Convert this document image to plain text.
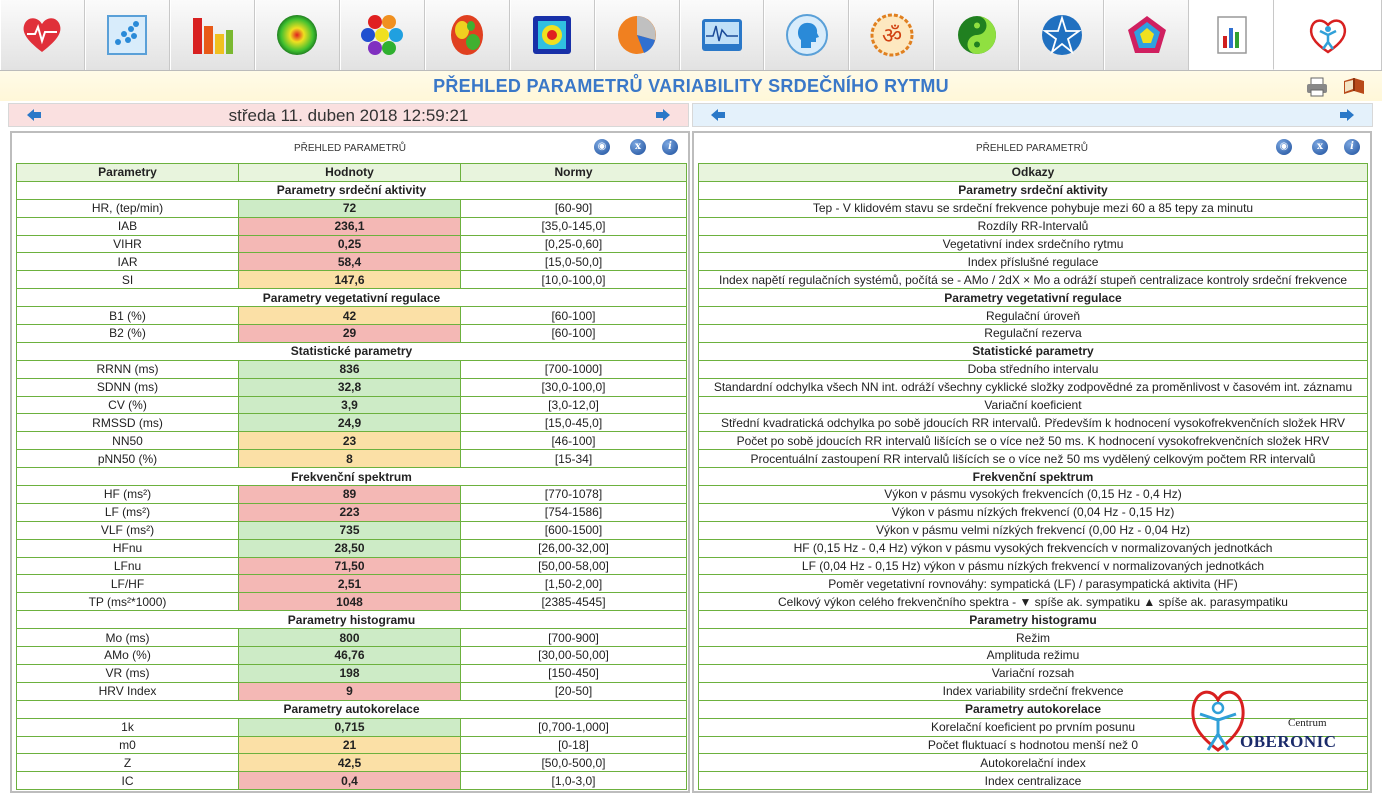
ॐ
PŘEHLED PARAMETRŮ VARIABILITY SRDEČNÍHO RYTMU
středa 11. duben 2018 12:59:21
PŘEHLED PARAMETRŮ	◉	x	i
Parametry	Hodnoty	Normy
Parametry srdeční aktivity		
HR, (tep/min)	72	[60-90]
IAB	236,1	[35,0-145,0]
VIHR	0,25	[0,25-0,60]
IAR	58,4	[15,0-50,0]
SI	147,6	[10,0-100,0]
Parametry vegetativní regulace		
B1 (%)	42	[60-100]
B2 (%)	29	[60-100]
Statistické parametry		
RRNN (ms)	836	[700-1000]
SDNN (ms)	32,8	[30,0-100,0]
CV (%)	3,9	[3,0-12,0]
RMSSD (ms)	24,9	[15,0-45,0]
NN50	23	[46-100]
pNN50 (%)	8	[15-34]
Frekvenční spektrum		
HF (ms²)	89	[770-1078]
LF (ms²)	223	[754-1586]
VLF (ms²)	735	[600-1500]
HFnu	28,50	[26,00-32,00]
LFnu	71,50	[50,00-58,00]
LF/HF	2,51	[1,50-2,00]
TP (ms²*1000)	1048	[2385-4545]
Parametry histogramu		
Mo (ms)	800	[700-900]
AMo (%)	46,76	[30,00-50,00]
VR (ms)	198	[150-450]
HRV Index	9	[20-50]
Parametry autokorelace		
1k	0,715	[0,700-1,000]
m0	21	[0-18]
Z	42,5	[50,0-500,0]
IC	0,4	[1,0-3,0]
PŘEHLED PARAMETRŮ	◉	x	i
Odkazy
Parametry srdeční aktivity
Tep - V klidovém stavu se srdeční frekvence pohybuje mezi 60 a 85 tepy za minutu
Rozdíly RR-Intervalů
Vegetativní index srdečního rytmu
Index příslušné regulace
Index napětí regulačních systémů, počítá se - AMo / 2dX × Mo a odráží stupeň centralizace kontroly srdeční frekvence
Parametry vegetativní regulace
Regulační úroveň
Regulační rezerva
Statistické parametry
Doba středního intervalu
Standardní odchylka všech NN int. odráží všechny cyklické složky zodpovědné za proměnlivost v časovém int. záznamu
Variační koeficient
Střední kvadratická odchylka po sobě jdoucích RR intervalů. Především k hodnocení vysokofrekvenčních složek HRV
Počet po sobě jdoucích RR intervalů lišících se o více než 50 ms. K hodnocení vysokofrekvenčních složek HRV
Procentuální zastoupení RR intervalů lišících se o více než 50 ms vydělený celkovým počtem RR intervalů
Frekvenční spektrum
Výkon v pásmu vysokých frekvencích (0,15 Hz - 0,4 Hz)
Výkon v pásmu nízkých frekvencí (0,04 Hz - 0,15 Hz)
Výkon v pásmu velmi nízkých frekvencí (0,00 Hz - 0,04 Hz)
HF (0,15 Hz - 0,4 Hz) výkon v pásmu vysokých frekvencích v normalizovaných jednotkách
LF (0,04 Hz - 0,15 Hz) výkon v pásmu nízkých frekvencí v normalizovaných jednotkách
Poměr vegetativní rovnováhy: sympatická (LF) / parasympatická aktivita (HF)
Celkový výkon celého frekvenčního spektra - ▼ spíše ak. sympatiku ▲ spíše ak. parasympatiku
Parametry histogramu
Režim
Amplituda režimu
Variační rozsah
Index variability srdeční frekvence
Parametry autokorelace
Korelační koeficient po prvním posunu
Počet fluktuací s hodnotou menší než 0
Autokorelační index
Index centralizace
Centrum
OBERONIC
